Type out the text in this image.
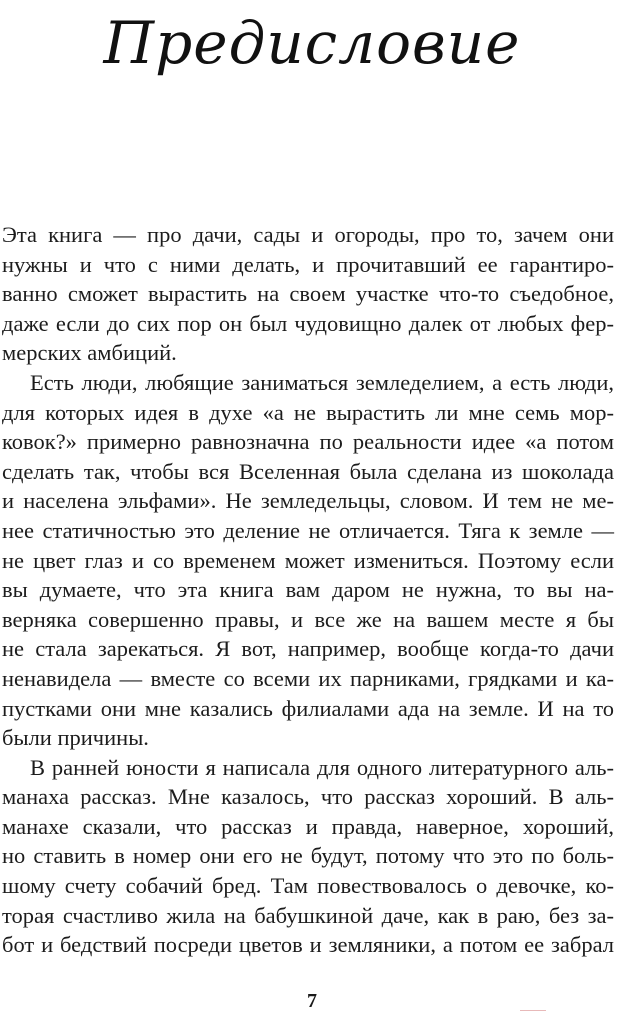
Предисловие
Эта книга — про дачи, сады и огороды, про то, зачем они
нужны и что с ними делать, и прочитавший ее гарантиро-
ванно сможет вырастить на своем участке что-то съедобное,
даже если до сих пор он был чудовищно далек от любых фер-
мерских амбиций.
Есть люди, любящие заниматься земледелием, а есть люди,
для которых идея в духе «а не вырастить ли мне семь мор-
ковок?» примерно равнозначна по реальности идее «а потом
сделать так, чтобы вся Вселенная была сделана из шоколада
и населена эльфами». Не земледельцы, словом. И тем не ме-
нее статичностью это деление не отличается. Тяга к земле —
не цвет глаз и со временем может измениться. Поэтому если
вы думаете, что эта книга вам даром не нужна, то вы на-
верняка совершенно правы, и все же на вашем месте я бы
не стала зарекаться. Я вот, например, вообще когда-то дачи
ненавидела — вместе со всеми их парниками, грядками и ка-
пустками они мне казались филиалами ада на земле. И на то
были причины.
В ранней юности я написала для одного литературного аль-
манаха рассказ. Мне казалось, что рассказ хороший. В аль-
манахе сказали, что рассказ и правда, наверное, хороший,
но ставить в номер они его не будут, потому что это по боль-
шому счету собачий бред. Там повествовалось о девочке, ко-
торая счастливо жила на бабушкиной даче, как в раю, без за-
бот и бедствий посреди цветов и земляники, а потом ее забрал
7
